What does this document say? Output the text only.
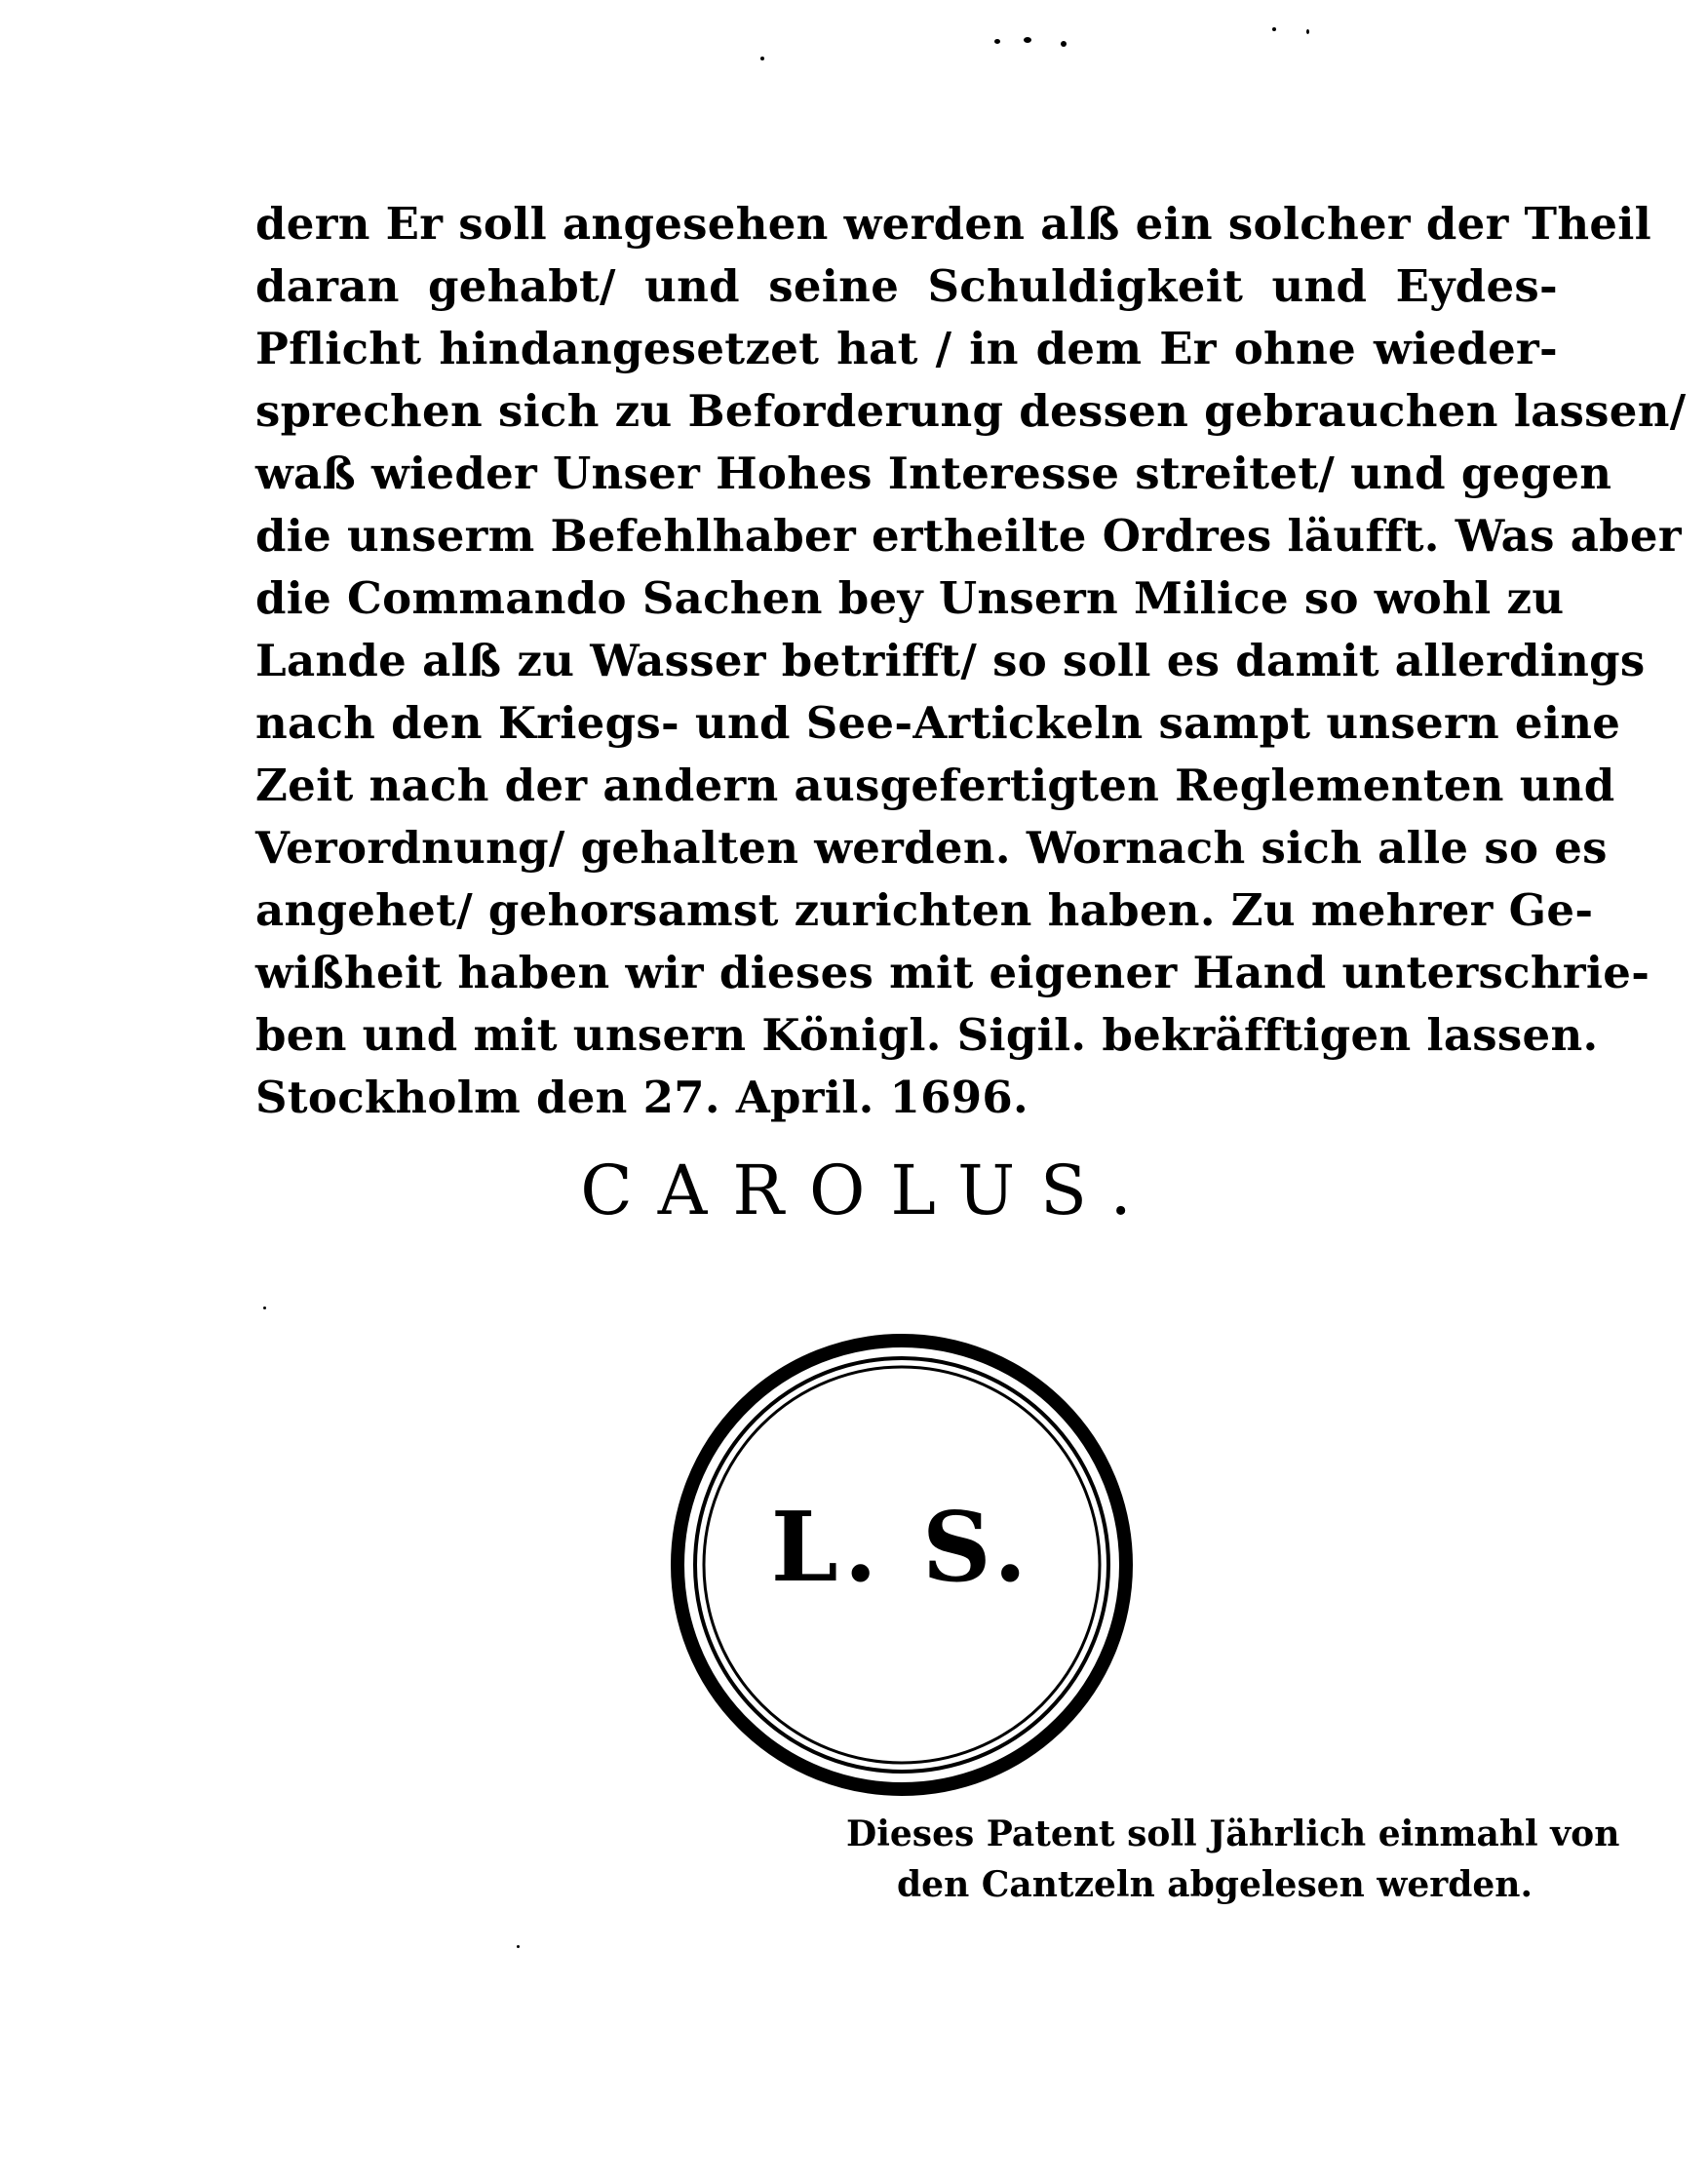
dern Er soll angesehen werden alß ein solcher der Theil
daran gehabt/ und seine Schuldigkeit und Eydes-
Pflicht hindangesetzet hat / in dem Er ohne wieder-
sprechen sich zu Beforderung dessen gebrauchen lassen/
waß wieder Unser Hohes Interesse streitet/ und gegen
die unserm Befehlhaber ertheilte Ordres läufft. Was aber
die Commando Sachen bey Unsern Milice so wohl zu
Lande alß zu Wasser betrifft/ so soll es damit allerdings
nach den Kriegs- und See-Artickeln sampt unsern eine
Zeit nach der andern ausgefertigten Reglementen und
Verordnung/ gehalten werden. Wornach sich alle so es
angehet/ gehorsamst zurichten haben. Zu mehrer Ge-
wißheit haben wir dieses mit eigener Hand unterschrie-
ben und mit unsern Königl. Sigil. bekräfftigen lassen.
Stockholm den 27. April. 1696.
CAROLUS.
L. S.
Dieses Patent soll Jährlich einmahl von
den Cantzeln abgelesen werden.
